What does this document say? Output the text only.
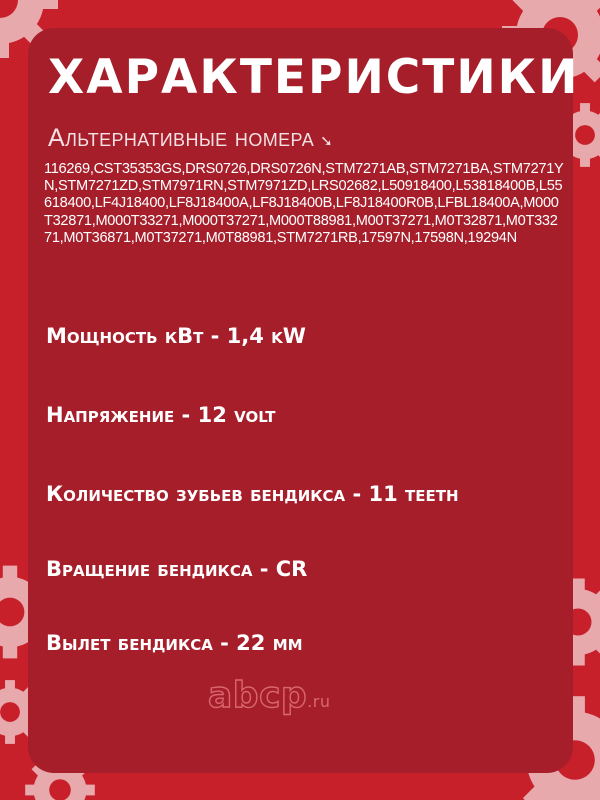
ХАРАКТЕРИСТИКИ
Альтернативные номера ➘

116269,CST35353GS,DRS0726,DRS0726N,STM7271AB,STM7271BA,STM7271YN,STM7271ZD,STM7971RN,STM7971ZD,LRS02682,L50918400,L53818400B,L55618400,LF4J18400,LF8J18400A,LF8J18400B,LF8J18400R0B,LFBL18400A,M000T32871,M000T33271,M000T37271,M000T88981,M00T37271,M0T32871,M0T33271,M0T36871,M0T37271,M0T88981,STM7271RB,17597N,17598N,19294N

Мощность кВт - 1,4 kW
Напряжение - 12 volt
Количество зубьев бендикса - 11 teeth
Вращение бендикса - CR
Вылет бендикса - 22 мм
abcp.ru
